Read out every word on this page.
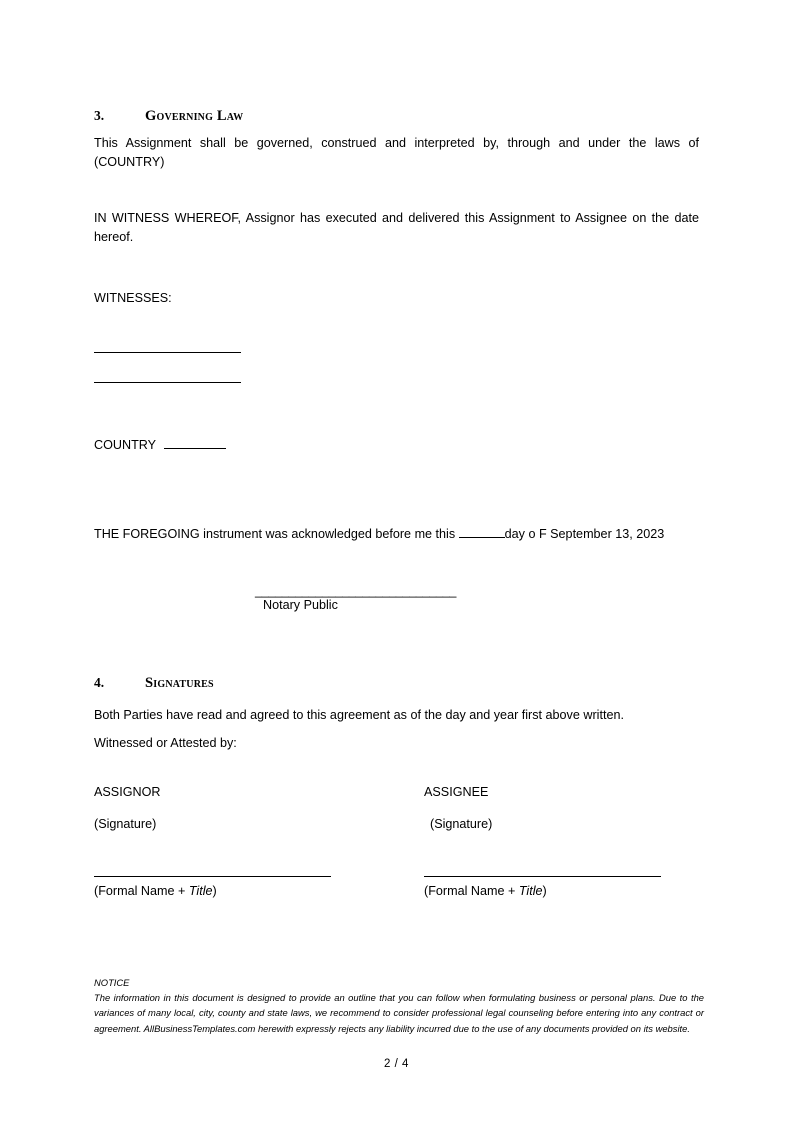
3.	Governing Law
This Assignment shall be governed, construed and interpreted by, through and under the laws of (COUNTRY)
IN WITNESS WHEREOF, Assignor has executed and delivered this Assignment to Assignee on the date hereof.
WITNESSES:
COUNTRY
THE FOREGOING instrument was acknowledged before me this	day o F September 13, 2023
______________________________
Notary Public
4.	Signatures
Both Parties have read and agreed to this agreement as of the day and year first above written.
Witnessed or Attested by:
ASSIGNOR	ASSIGNEE
(Signature)	(Signature)
(Formal Name + Title)	(Formal Name + Title)
NOTICE
The information in this document is designed to provide an outline that you can follow when formulating business or personal plans. Due to the variances of many local, city, county and state laws, we recommend to consider professional legal counseling before entering into any contract or agreement. AllBusinessTemplates.com herewith expressly rejects any liability incurred due to the use of any documents provided on its website.
2 / 4
